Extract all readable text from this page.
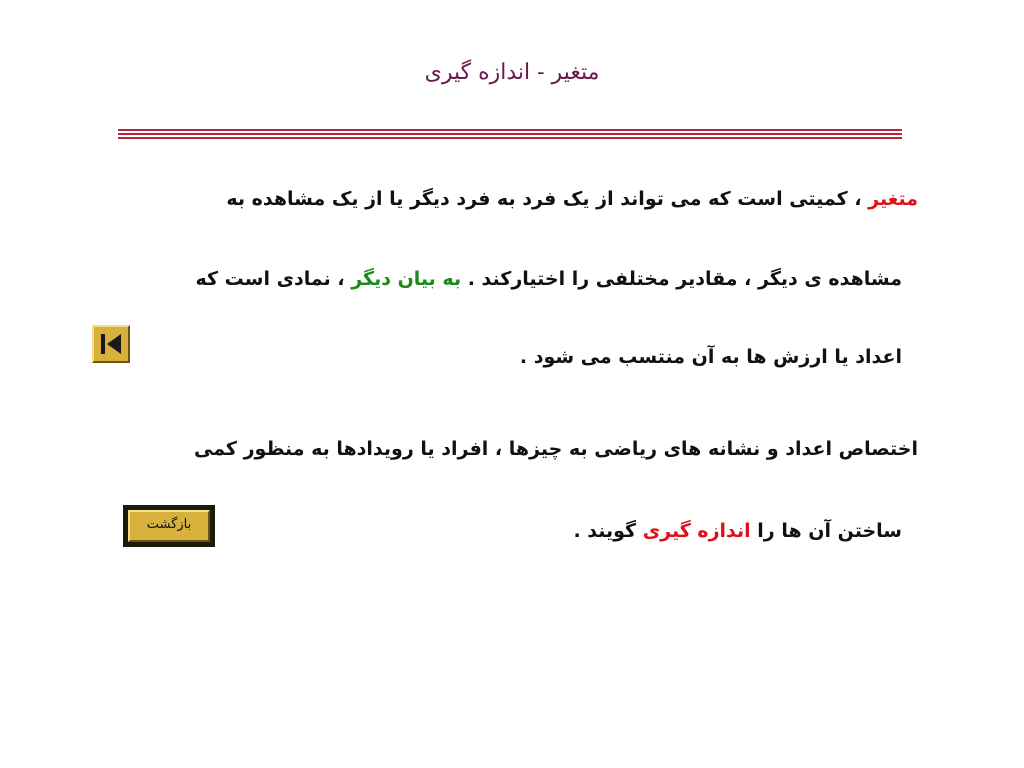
متغیر - اندازه گیری
متغیر ، کمیتی است که می تواند از یک فرد به فرد دیگر یا از یک مشاهده به
مشاهده ی دیگر ، مقادیر مختلفی را اختیارکند . به بیان دیگر ، نمادی است که
اعداد یا ارزش ها به آن منتسب می شود .
اختصاص اعداد و نشانه های ریاضی به چیزها ، افراد یا رویدادها به منظور کمی
ساختن آن ها را اندازه گیری گویند .
بازگشت
